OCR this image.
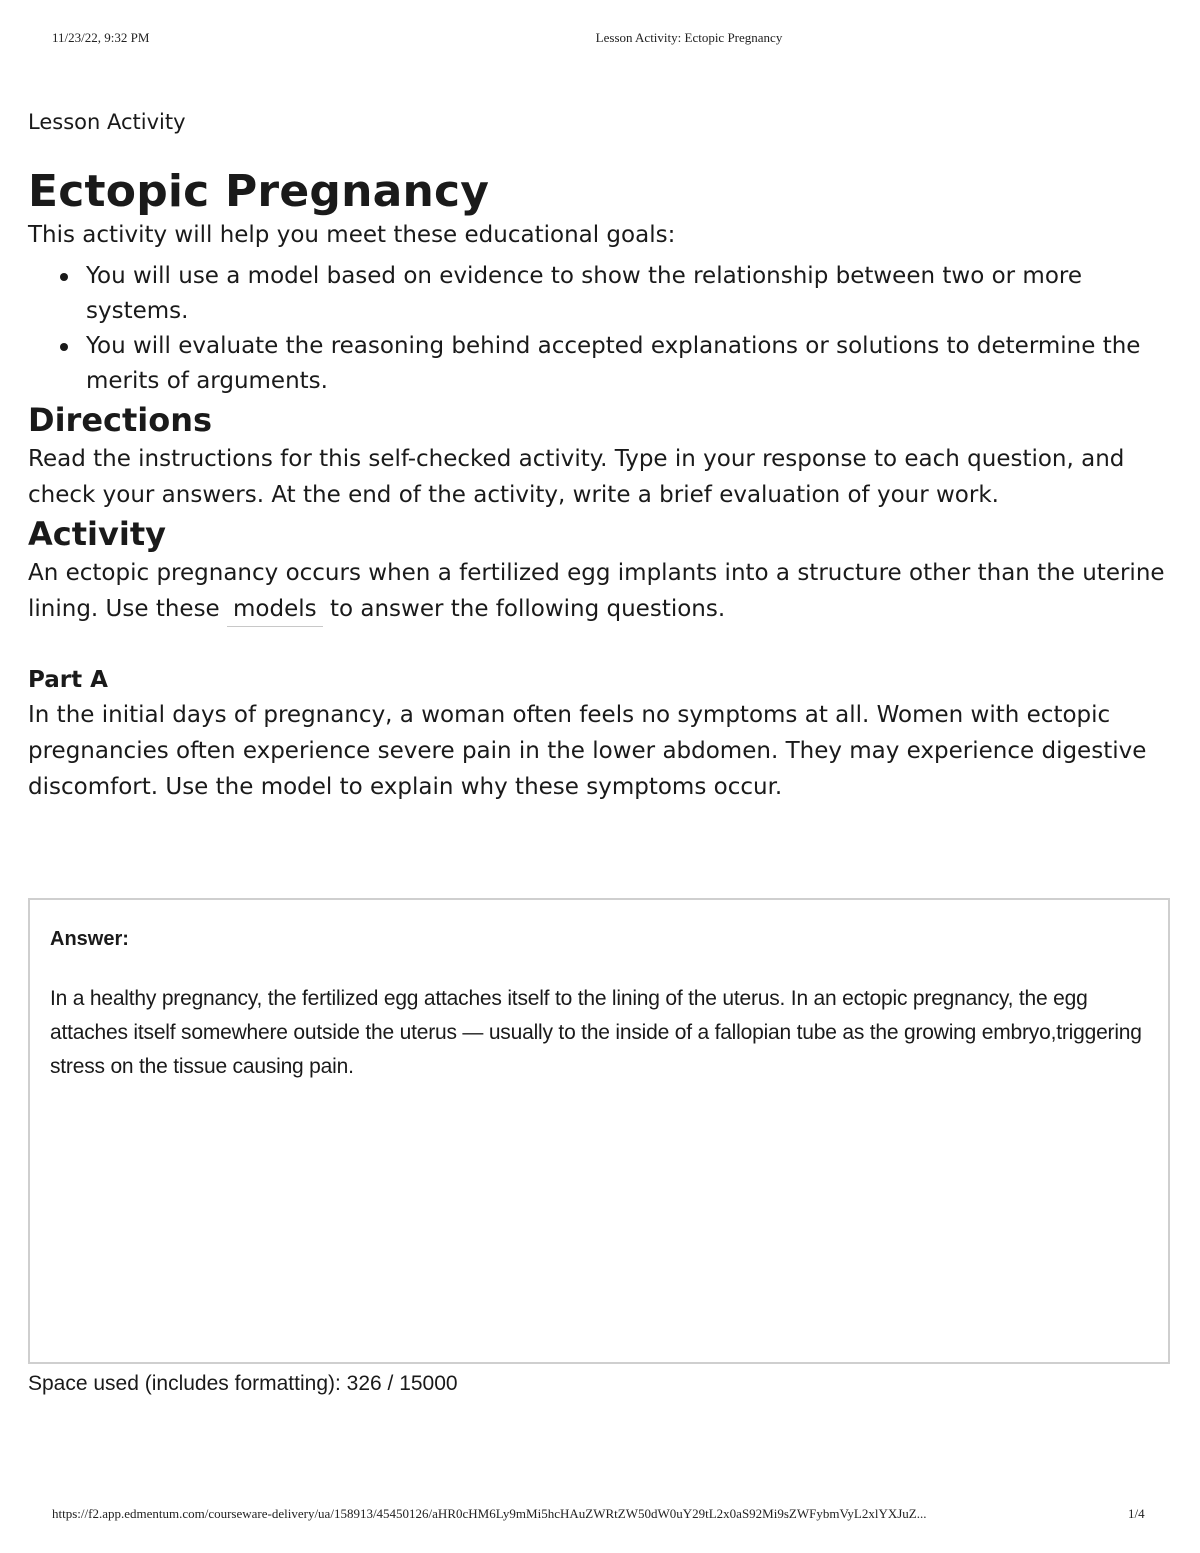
11/23/22, 9:32 PM	Lesson Activity: Ectopic Pregnancy
Lesson Activity
Ectopic Pregnancy

This activity will help you meet these educational goals:

You will use a model based on evidence to show the relationship between two or more systems.
You will evaluate the reasoning behind accepted explanations or solutions to determine the merits of arguments.
Directions

Read the instructions for this self-checked activity. Type in your response to each question, and check your answers. At the end of the activity, write a brief evaluation of your work.

Activity

An ectopic pregnancy occurs when a fertilized egg implants into a structure other than the uterine lining. Use these models to answer the following questions.

Part A

In the initial days of pregnancy, a woman often feels no symptoms at all. Women with ectopic pregnancies often experience severe pain in the lower abdomen. They may experience digestive discomfort. Use the model to explain why these symptoms occur.

Answer:

In a healthy pregnancy, the fertilized egg attaches itself to the lining of the uterus. In an ectopic pregnancy, the egg attaches itself somewhere outside the uterus — usually to the inside of a fallopian tube as the growing embryo,triggering stress on the tissue causing pain.

Space used (includes formatting): 326 / 15000
https://f2.app.edmentum.com/courseware-delivery/ua/158913/45450126/aHR0cHM6Ly9mMi5hcHAuZWRtZW50dW0uY29tL2x0aS92Mi9sZWFybmVyL2xlYXJuZ...	1/4
